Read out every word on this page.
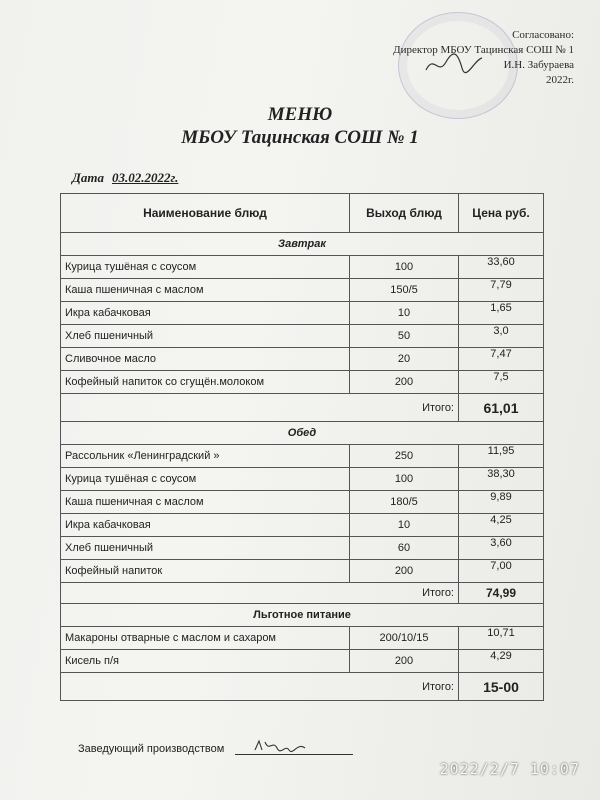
Согласовано:
Директор МБОУ Тацинская СОШ № 1
И.Н. Забураева
2022г.
МЕНЮ
МБОУ Тацинская СОШ № 1
Дата 03.02.2022г.
Наименование блюд	Выход блюд	Цена руб.
Завтрак		
Курица тушёная с соусом	100	33,60
Каша пшеничная с маслом	150/5	7,79
Икра кабачковая	10	1,65
Хлеб пшеничный	50	3,0
Сливочное масло	20	7,47
Кофейный напиток со сгущён.молоком	200	7,5
Итого:		61,01
Обед		
Рассольник «Ленинградский »	250	11,95
Курица тушёная с соусом	100	38,30
Каша пшеничная с маслом	180/5	9,89
Икра кабачковая	10	4,25
Хлеб пшеничный	60	3,60
Кофейный напиток	200	7,00
Итого:		74,99
Льготное питание		
Макароны отварные с маслом и сахаром	200/10/15	10,71
Кисель п/я	200	4,29
Итого:		15-00
Заведующий производством
2022/2/7 10:07
